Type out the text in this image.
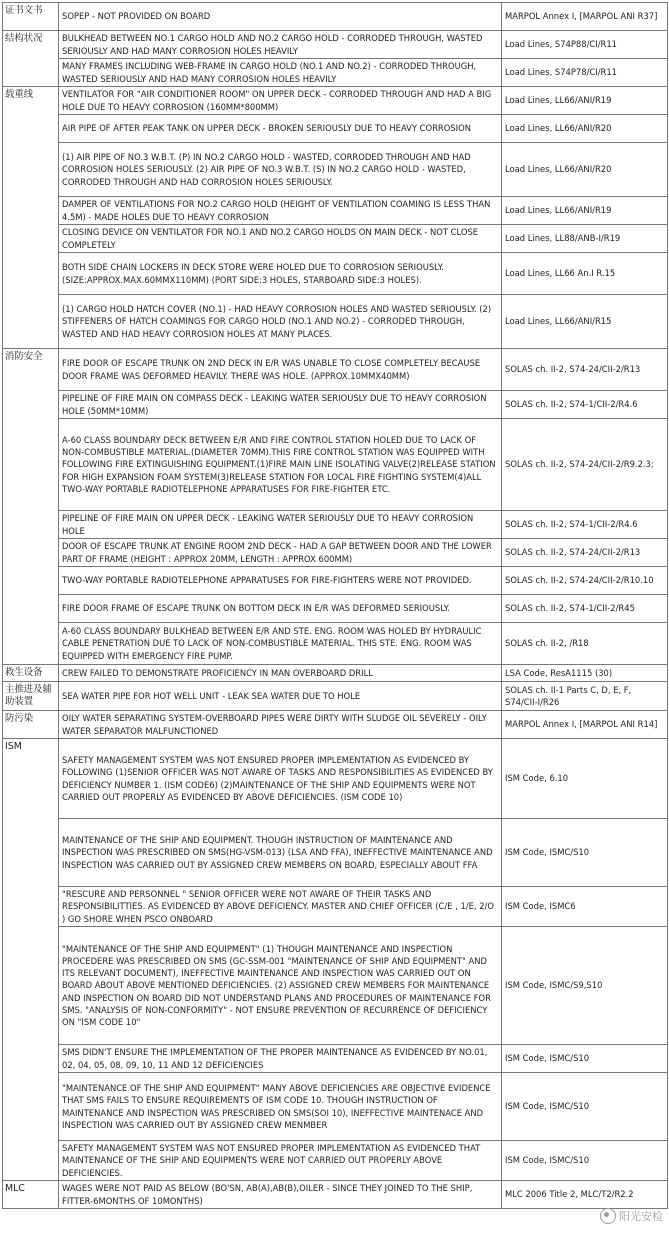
证书文书	SOPEP - NOT PROVIDED ON BOARD	MARPOL Annex I, [MARPOL ANI R37]
结构状况	BULKHEAD BETWEEN NO.1 CARGO HOLD AND NO.2 CARGO HOLD - CORRODED THROUGH, WASTED SERIOUSLY AND HAD MANY CORROSION HOLES HEAVILY	Load Lines, S74P88/CI/R11
	MANY FRAMES INCLUDING WEB-FRAME IN CARGO HOLD (NO.1 AND NO.2) - CORRODED THROUGH, WASTED SERIOUSLY AND HAD MANY CORROSION HOLES HEAVILY	Load Lines, S74P78/CI/R11
载重线	VENTILATOR FOR "AIR CONDITIONER ROOM" ON UPPER DECK - CORRODED THROUGH AND HAD A BIG HOLE DUE TO HEAVY CORROSION (160MM*800MM)	Load Lines, LL66/ANI/R19
	AIR PIPE OF AFTER PEAK TANK ON UPPER DECK - BROKEN SERIOUSLY DUE TO HEAVY CORROSION	Load Lines, LL66/ANI/R20
	(1) AIR PIPE OF NO.3 W.B.T. (P) IN NO.2 CARGO HOLD - WASTED, CORRODED THROUGH AND HAD CORROSION HOLES SERIOUSLY. (2) AIR PIPE OF NO.3 W.B.T. (S) IN NO.2 CARGO HOLD - WASTED, CORRODED THROUGH AND HAD CORROSION HOLES SERIOUSLY.	Load Lines, LL66/ANI/R20
	DAMPER OF VENTILATIONS FOR NO.2 CARGO HOLD (HEIGHT OF VENTILATION COAMING IS LESS THAN 4.5M) - MADE HOLES DUE TO HEAVY CORROSION	Load Lines, LL66/ANI/R19
	CLOSING DEVICE ON VENTILATOR FOR NO.1 AND NO.2 CARGO HOLDS ON MAIN DECK - NOT CLOSE COMPLETELY	Load Lines, LL88/ANB-I/R19
	BOTH SIDE CHAIN LOCKERS IN DECK STORE WERE HOLED DUE TO CORROSION SERIOUSLY. (SIZE:APPROX.MAX.60MMX110MM) (PORT SIDE:3 HOLES, STARBOARD SIDE:3 HOLES).	Load Lines, LL66 An.I R.15
	(1) CARGO HOLD HATCH COVER (NO.1) - HAD HEAVY CORROSION HOLES AND WASTED SERIOUSLY. (2) STIFFENERS OF HATCH COAMINGS FOR CARGO HOLD (NO.1 AND NO.2) - CORRODED THROUGH, WASTED AND HAD HEAVY CORROSION HOLES AT MANY PLACES.	Load Lines, LL66/ANI/R15
消防安全	FIRE DOOR OF ESCAPE TRUNK ON 2ND DECK IN E/R WAS UNABLE TO CLOSE COMPLETELY BECAUSE DOOR FRAME WAS DEFORMED HEAVILY. THERE WAS HOLE. (APPROX.10MMX40MM)	SOLAS ch. II-2, S74-24/CII-2/R13
	PIPELINE OF FIRE MAIN ON COMPASS DECK - LEAKING WATER SERIOUSLY DUE TO HEAVY CORROSION HOLE (50MM*10MM)	SOLAS ch. II-2, S74-1/CII-2/R4.6
	A-60 CLASS BOUNDARY DECK BETWEEN E/R AND FIRE CONTROL STATION HOLED DUE TO LACK OF NON-COMBUSTIBLE MATERIAL.(DIAMETER 70MM).THIS FIRE CONTROL STATION WAS EQUIPPED WITH FOLLOWING FIRE EXTINGUISHING EQUIPMENT.(1)FIRE MAIN LINE ISOLATING VALVE(2)RELEASE STATION FOR HIGH EXPANSION FOAM SYSTEM(3)RELEASE STATION FOR LOCAL FIRE FIGHTING SYSTEM(4)ALL TWO-WAY PORTABLE RADIOTELEPHONE APPARATUSES FOR FIRE-FIGHTER ETC.	SOLAS ch. II-2, S74-24/CII-2/R9.2.3;
	PIPELINE OF FIRE MAIN ON UPPER DECK - LEAKING WATER SERIOUSLY DUE TO HEAVY CORROSION HOLE	SOLAS ch. II-2, S74-1/CII-2/R4.6
	DOOR OF ESCAPE TRUNK AT ENGINE ROOM 2ND DECK - HAD A GAP BETWEEN DOOR AND THE LOWER PART OF FRAME (HEIGHT : APPROX 20MM, LENGTH : APPROX 600MM)	SOLAS ch. II-2, S74-24/CII-2/R13
	TWO-WAY PORTABLE RADIOTELEPHONE APPARATUSES FOR FIRE-FIGHTERS WERE NOT PROVIDED.	SOLAS ch. II-2, S74-24/CII-2/R10.10
	FIRE DOOR FRAME OF ESCAPE TRUNK ON BOTTOM DECK IN E/R WAS DEFORMED SERIOUSLY.	SOLAS ch. II-2, S74-1/CII-2/R45
	A-60 CLASS BOUNDARY BULKHEAD BETWEEN E/R AND STE. ENG. ROOM WAS HOLED BY HYDRAULIC CABLE PENETRATION DUE TO LACK OF NON-COMBUSTIBLE MATERIAL. THIS STE. ENG. ROOM WAS EQUIPPED WITH EMERGENCY FIRE PUMP.	SOLAS ch. II-2, /R18
救生设备	CREW FAILED TO DEMONSTRATE PROFICIENCY IN MAN OVERBOARD DRILL	LSA Code, ResA1115 (30)
主推进及辅助装置	SEA WATER PIPE FOR HOT WELL UNIT - LEAK SEA WATER DUE TO HOLE	SOLAS ch. II-1 Parts C, D, E, F, S74/CII-I/R26
防污染	OILY WATER SEPARATING SYSTEM-OVERBOARD PIPES WERE DIRTY WITH SLUDGE OIL SEVERELY - OILY WATER SEPARATOR MALFUNCTIONED	MARPOL Annex I, [MARPOL ANI R14]
ISM	SAFETY MANAGEMENT SYSTEM WAS NOT ENSURED PROPER IMPLEMENTATION AS EVIDENCED BY FOLLOWING (1)SENIOR OFFICER WAS NOT AWARE OF TASKS AND RESPONSIBILITIES AS EVIDENCED BY DEFICIENCY NUMBER 1. (ISM CODE6) (2)MAINTENANCE OF THE SHIP AND EQUIPMENTS WERE NOT CARRIED OUT PROPERLY AS EVIDENCED BY ABOVE DEFICIENCIES. (ISM CODE 10)	ISM Code, 6.10
	MAINTENANCE OF THE SHIP AND EQUIPMENT. THOUGH INSTRUCTION OF MAINTENANCE AND INSPECTION WAS PRESCRIBED ON SMS(HG-VSM-013) (LSA AND FFA), INEFFECTIVE MAINTENANCE AND INSPECTION WAS CARRIED OUT BY ASSIGNED CREW MEMBERS ON BOARD, ESPECIALLY ABOUT FFA	ISM Code, ISMC/S10
	"RESCURE AND PERSONNEL " SENIOR OFFICER WERE NOT AWARE OF THEIR TASKS AND RESPONSIBILITTIES. AS EVIDENCED BY ABOVE DEFICIENCY. MASTER AND CHIEF OFFICER (C/E , 1/E, 2/O ) GO SHORE WHEN PSCO ONBOARD	ISM Code, ISMC6
	"MAINTENANCE OF THE SHIP AND EQUIPMENT" (1) THOUGH MAINTENANCE AND INSPECTION PROCEDERE WAS PRESCRIBED ON SMS (GC-SSM-001 "MAINTENANCE OF SHIP AND EQUIPMENT" AND ITS RELEVANT DOCUMENT), INEFFECTIVE MAINTENANCE AND INSPECTION WAS CARRIED OUT ON BOARD ABOUT ABOVE MENTIONED DEFICIENCIES. (2) ASSIGNED CREW MEMBERS FOR MAINTENANCE AND INSPECTION ON BOARD DID NOT UNDERSTAND PLANS AND PROCEDURES OF MAINTENANCE FOR SMS. "ANALYSIS OF NON-CONFORMITY" - NOT ENSURE PREVENTION OF RECURRENCE OF DEFICIENCY ON "ISM CODE 10"	ISM Code, ISMC/S9,S10
	SMS DIDN'T ENSURE THE IMPLEMENTATION OF THE PROPER MAINTENANCE AS EVIDENCED BY NO.01, 02, 04, 05, 08, 09, 10, 11 AND 12 DEFICIENCIES	ISM Code, ISMC/S10
	"MAINTENANCE OF THE SHIP AND EQUIPMENT" MANY ABOVE DEFICIENCIES ARE OBJECTIVE EVIDENCE THAT SMS FAILS TO ENSURE REQUIREMENTS OF ISM CODE 10. THOUGH INSTRUCTION OF MAINTENANCE AND INSPECTION WAS PRESCRIBED ON SMS(SOI 10), INEFFECTIVE MAINTENACE AND INSPECTION WAS CARRIED OUT BY ASSIGNED CREW MENMBER	ISM Code, ISMC/S10
	SAFETY MANAGEMENT SYSTEM WAS NOT ENSURED PROPER IMPLEMENTATION AS EVIDENCED THAT MAINTENANCE OF THE SHIP AND EQUIPMENTS WERE NOT CARRIED OUT PROPERLY ABOVE DEFICIENCIES.	ISM Code, ISMC/S10
MLC	WAGES WERE NOT PAID AS BELOW (BO'SN, AB(A),AB(B),OILER - SINCE THEY JOINED TO THE SHIP, FITTER-6MONTHS OF 10MONTHS)	MLC 2006 Title 2, MLC/T2/R2.2
阳光安检
